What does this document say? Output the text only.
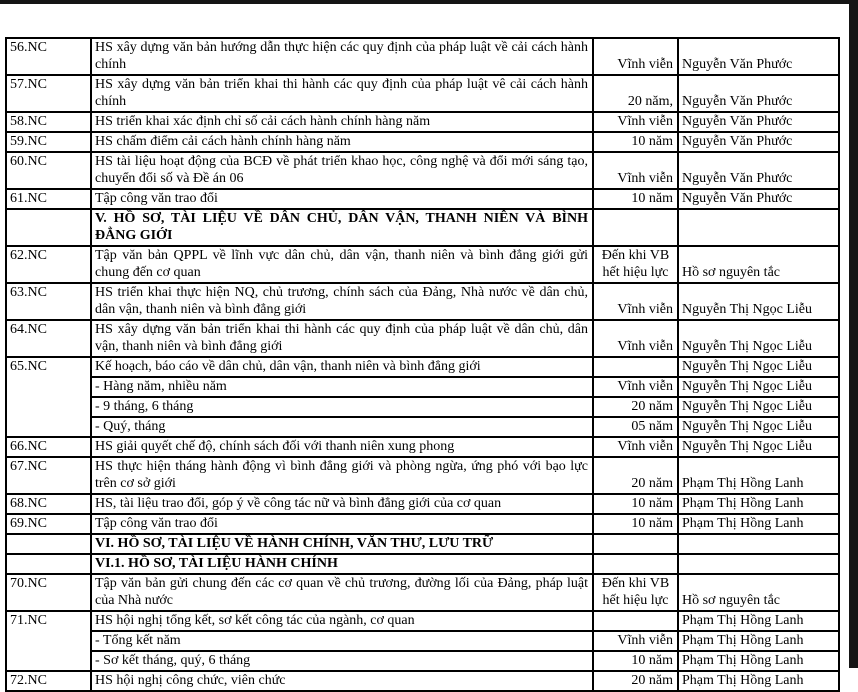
56.NC	HS xây dựng văn bản hướng dẫn thực hiện các quy định của pháp luật về cải cách hành chính	Vĩnh viễn	Nguyễn Văn Phước
57.NC	HS xây dựng văn bản triển khai thi hành các quy định của pháp luật vê cải cách hành chính	20 năm,	Nguyễn Văn Phước
58.NC	HS triển khai xác định chỉ số cải cách hành chính hàng năm	Vĩnh viễn	Nguyễn Văn Phước
59.NC	HS chấm điểm cải cách hành chính hàng năm	10 năm	Nguyễn Văn Phước
60.NC	HS tài liệu hoạt động của BCĐ về phát triển khao học, công nghệ và đổi mới sáng tạo, chuyển đổi số và Đề án 06	Vĩnh viễn	Nguyễn Văn Phước
61.NC	Tập công văn trao đổi	10 năm	Nguyễn Văn Phước
	V. HỒ SƠ, TÀI LIỆU VỀ DÂN CHỦ, DÂN VẬN, THANH NIÊN VÀ BÌNH ĐẲNG GIỚI		
62.NC	Tập văn bản QPPL về lĩnh vực dân chủ, dân vận, thanh niên và bình đẳng giới gửi chung đến cơ quan	Đến khi VB hết hiệu lực	Hồ sơ nguyên tắc
63.NC	HS triển khai thực hiện NQ, chủ trương, chính sách của Đảng, Nhà nước về dân chủ, dân vận, thanh niên và bình đẳng giới	Vĩnh viễn	Nguyễn Thị Ngọc Liễu
64.NC	HS xây dựng văn bản triển khai thi hành các quy định của pháp luật về dân chủ, dân vận, thanh niên và bình đẳng giới	Vĩnh viễn	Nguyễn Thị Ngọc Liễu
65.NC	Kế hoạch, báo cáo về dân chủ, dân vận, thanh niên và bình đẳng giới		Nguyễn Thị Ngọc Liễu
	- Hàng năm, nhiều năm	Vĩnh viễn	Nguyễn Thị Ngọc Liễu
	- 9 tháng, 6 tháng	20 năm	Nguyễn Thị Ngọc Liễu
	- Quý, tháng	05 năm	Nguyễn Thị Ngọc Liễu
66.NC	HS giải quyết chế độ, chính sách đối với thanh niên xung phong	Vĩnh viễn	Nguyễn Thị Ngọc Liễu
67.NC	HS thực hiện tháng hành động vì bình đẳng giới và phòng ngừa, ứng phó với bạo lực trên cơ sở giới	20 năm	Phạm Thị Hồng Lanh
68.NC	HS, tài liệu trao đổi, góp ý về công tác nữ và bình đẳng giới của cơ quan	10 năm	Phạm Thị Hồng Lanh
69.NC	Tập công văn trao đổi	10 năm	Phạm Thị Hồng Lanh
	VI. HỒ SƠ, TÀI LIỆU VỀ HÀNH CHÍNH, VĂN THƯ, LƯU TRỮ		
	VI.1. HỒ SƠ, TÀI LIỆU HÀNH CHÍNH		
70.NC	Tập văn bản gửi chung đến các cơ quan về chủ trương, đường lối của Đảng, pháp luật của Nhà nước	Đến khi VB hết hiệu lực	Hồ sơ nguyên tắc
71.NC	HS hội nghị tổng kết, sơ kết công tác của ngành, cơ quan		Phạm Thị Hồng Lanh
	- Tổng kết năm	Vĩnh viễn	Phạm Thị Hồng Lanh
	- Sơ kết tháng, quý, 6 tháng	10 năm	Phạm Thị Hồng Lanh
72.NC	HS hội nghị công chức, viên chức	20 năm	Phạm Thị Hồng Lanh
